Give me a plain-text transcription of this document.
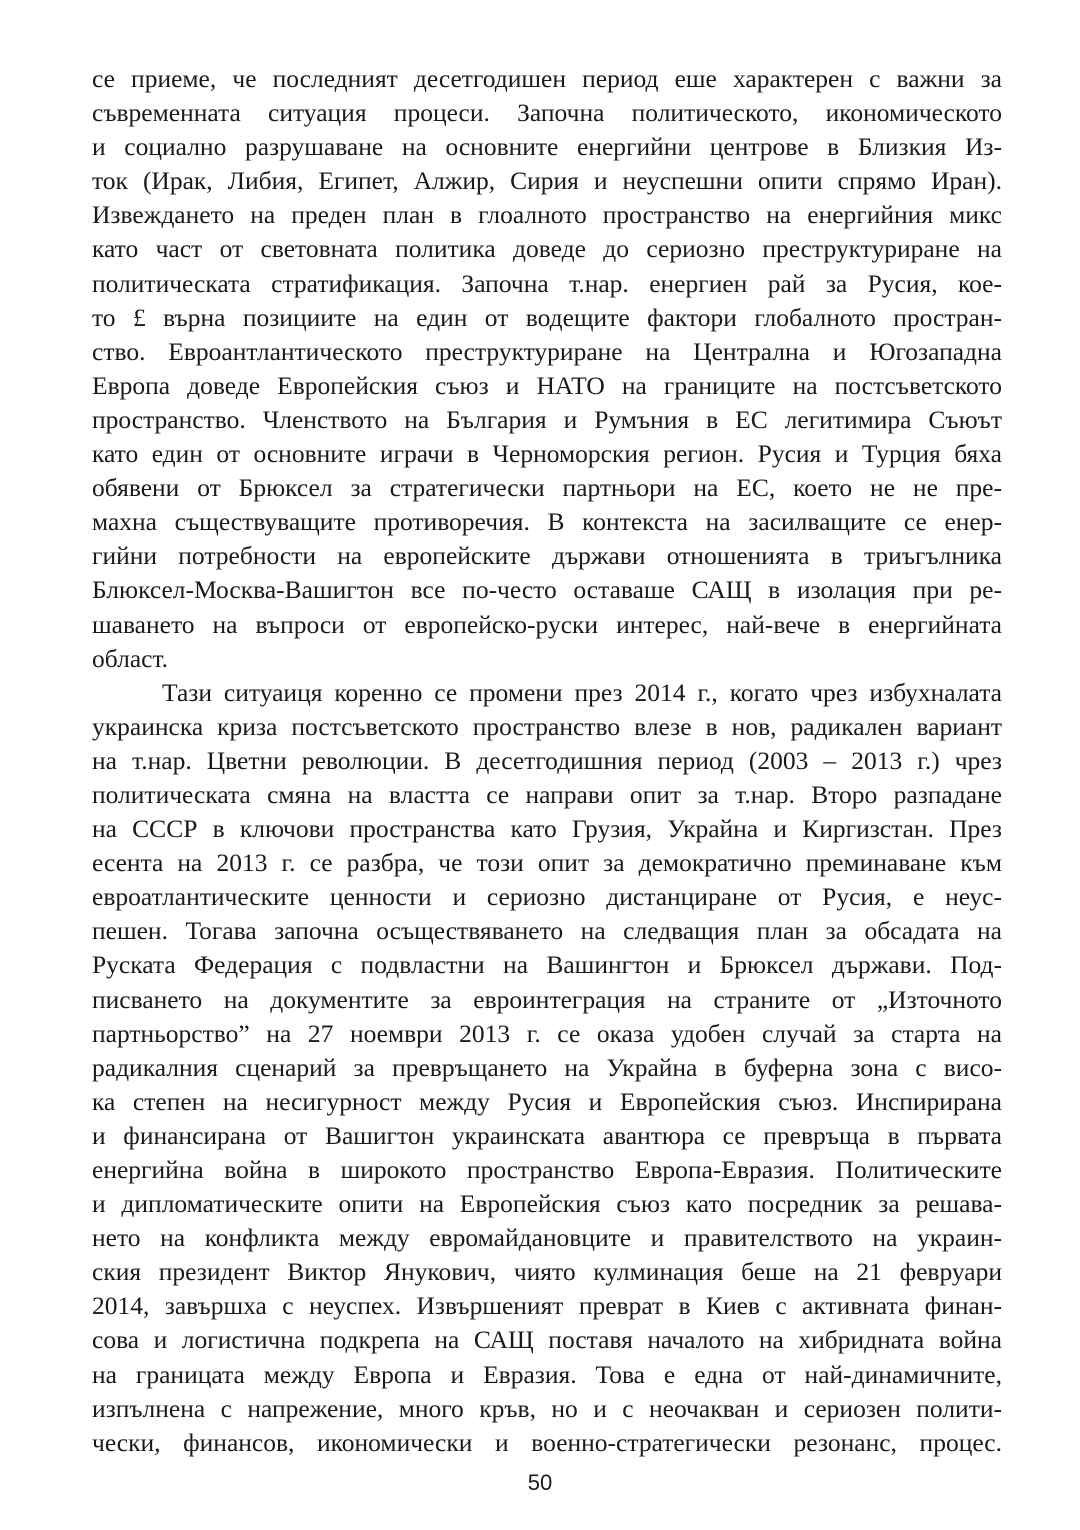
се приеме, че последният десетгодишен период еше характерен с важни за
съвременната ситуация процеси. Започна политическото, икономическото
и социално разрушаване на основните енергийни центрове в Близкия Из-
ток (Ирак, Либия, Египет, Алжир, Сирия и неуспешни опити спрямо Иран).
Извеждането на преден план в глоалното пространство на енергийния микс
като част от световната политика доведе до сериозно преструктуриране на
политическата стратификация. Започна т.нар. енергиен рай за Русия, кое-
то £ върна позициите на един от водещите фактори глобалното простран-
ство. Евроантлантическото преструктуриране на Централна и Югозападна
Европа доведе Европейския съюз и НАТО на границите на постсъветското
пространство. Членството на България и Румъния в ЕС легитимира Съюът
като един от основните играчи в Черноморския регион. Русия и Турция бяха
обявени от Брюксел за стратегически партньори на ЕС, което не не пре-
махна съществуващите противоречия. В контекста на засилващите се енер-
гийни потребности на европейските държави отношенията в триъгълника
Блюксел-Москва-Вашигтон все по-често оставаше САЩ в изолация при ре-
шаването на въпроси от европейско-руски интерес, най-вече в енергийната
област.
Тази ситуаиця коренно се промени през 2014 г., когато чрез избухналата
украинска криза постсъветското пространство влезе в нов, радикален вариант
на т.нар. Цветни революции. В десетгодишния период (2003 – 2013 г.) чрез
политическата смяна на властта се направи опит за т.нар. Второ разпадане
на СССР в ключови пространства като Грузия, Украйна и Киргизстан. През
есента на 2013 г. се разбра, че този опит за демократично преминаване към
евроатлантическите ценности и сериозно дистанциране от Русия, е неус-
пешен. Тогава започна осъществяването на следващия план за обсадата на
Руската Федерация с подвластни на Вашингтон и Брюксел държави. Под-
писването на документите за евроинтеграция на страните от „Източното
партньорство” на 27 ноември 2013 г. се оказа удобен случай за старта на
радикалния сценарий за превръщането на Украйна в буферна зона с висо-
ка степен на несигурност между Русия и Европейския съюз. Инспирирана
и финансирана от Вашигтон украинската авантюра се превръща в първата
енергийна война в широкото пространство Европа-Евразия. Политическите
и дипломатическите опити на Европейския съюз като посредник за решава-
нето на конфликта между евромайдановците и правителството на украин-
ския президент Виктор Янукович, чиято кулминация беше на 21 февруари
2014, завършха с неуспех. Извършеният преврат в Киев с активната финан-
сова и логистична подкрепа на САЩ поставя началото на хибридната война
на границата между Европа и Евразия. Това е една от най-динамичните,
изпълнена с напрежение, много кръв, но и с неочакван и сериозен полити-
чески, финансов, икономически и военно-стратегически резонанс, процес.
50
